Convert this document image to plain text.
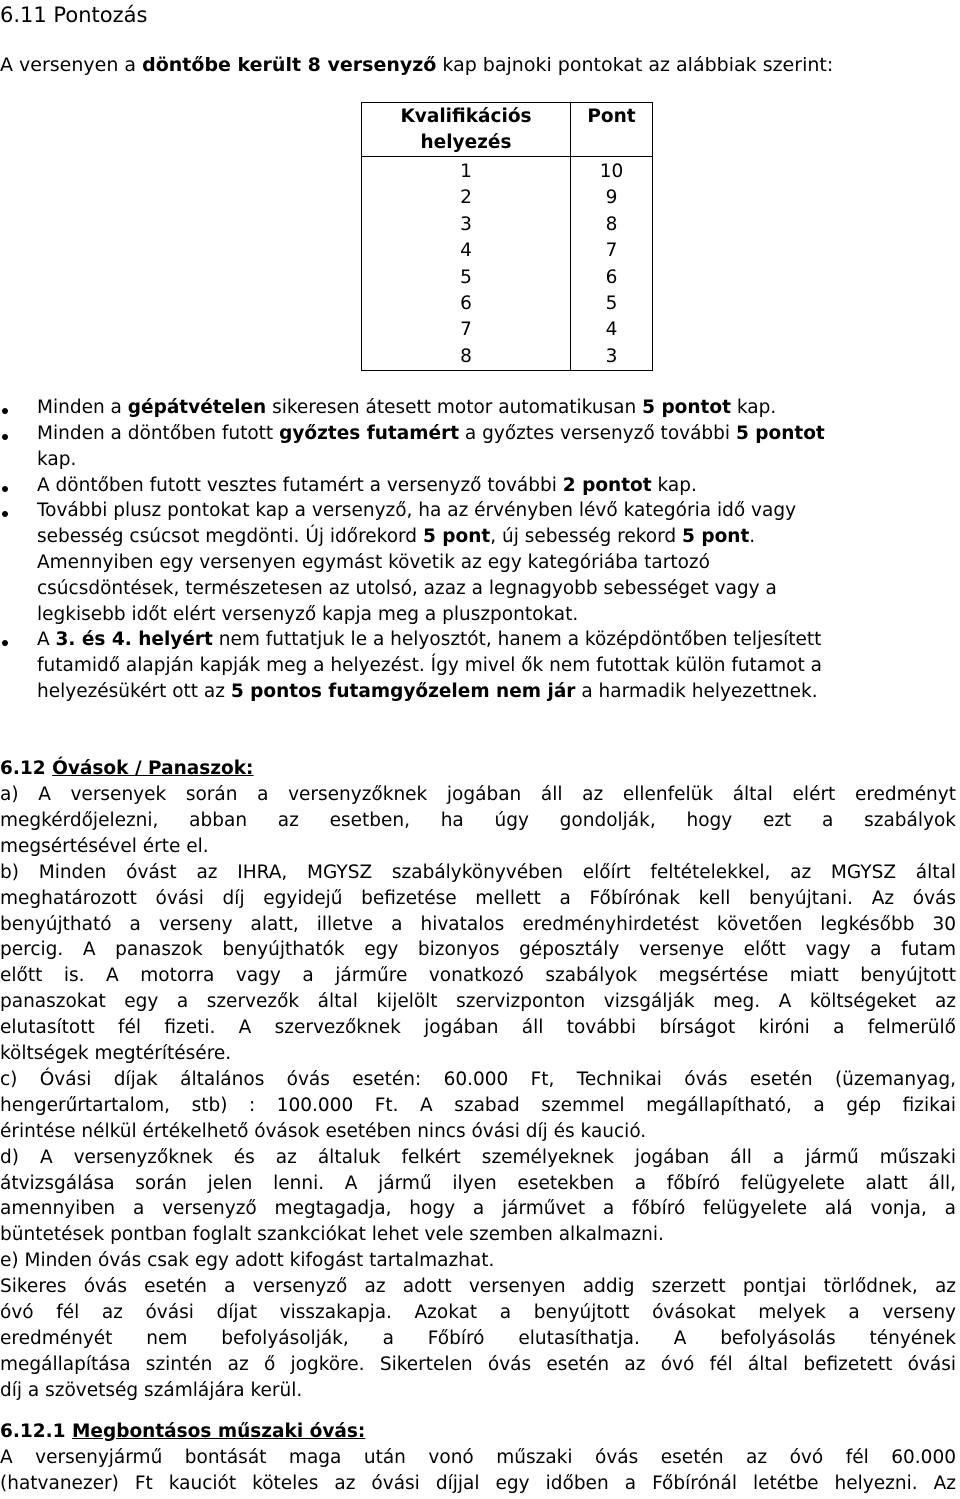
6.11 Pontozás
A versenyen a döntőbe került 8 versenyző kap bajnoki pontokat az alábbiak szerint:
Kvalifikációs helyezés	Pont
1	10
2	9
3	8
4	7
5	6
6	5
7	4
8	3
Minden a gépátvételen sikeresen átesett motor automatikusan 5 pontot kap.
Minden a döntőben futott győztes futamért a győztes versenyző további 5 pontot
kap.
A döntőben futott vesztes futamért a versenyző további 2 pontot kap.
További plusz pontokat kap a versenyző, ha az érvényben lévő kategória idő vagy
sebesség csúcsot megdönti. Új időrekord 5 pont, új sebesség rekord 5 pont.
Amennyiben egy versenyen egymást követik az egy kategóriába tartozó
csúcsdöntések, természetesen az utolsó, azaz a legnagyobb sebességet vagy a
legkisebb időt elért versenyző kapja meg a pluszpontokat.
A 3. és 4. helyért nem futtatjuk le a helyosztót, hanem a középdöntőben teljesített
futamidő alapján kapják meg a helyezést. Így mivel ők nem futottak külön futamot a
helyezésükért ott az 5 pontos futamgyőzelem nem jár a harmadik helyezettnek.
6.12 Óvások / Panaszok:
a) A versenyek során a versenyzőknek jogában áll az ellenfelük által elért eredményt
megkérdőjelezni, abban az esetben, ha úgy gondolják, hogy ezt a szabályok
megsértésével érte el.
b) Minden óvást az IHRA, MGYSZ szabálykönyvében előírt feltételekkel, az MGYSZ által
meghatározott óvási díj egyidejű befizetése mellett a Főbírónak kell benyújtani. Az óvás
benyújtható a verseny alatt, illetve a hivatalos eredményhirdetést követően legkésőbb 30
percig. A panaszok benyújthatók egy bizonyos géposztály versenye előtt vagy a futam
előtt is. A motorra vagy a járműre vonatkozó szabályok megsértése miatt benyújtott
panaszokat egy a szervezők által kijelölt szervizponton vizsgálják meg. A költségeket az
elutasított fél fizeti. A szervezőknek jogában áll további bírságot kiróni a felmerülő
költségek megtérítésére.
c) Óvási díjak általános óvás esetén: 60.000 Ft, Technikai óvás esetén (üzemanyag,
hengerűrtartalom, stb) : 100.000 Ft. A szabad szemmel megállapítható, a gép fizikai
érintése nélkül értékelhető óvások esetében nincs óvási díj és kaució.
d) A versenyzőknek és az általuk felkért személyeknek jogában áll a jármű műszaki
átvizsgálása során jelen lenni. A jármű ilyen esetekben a főbíró felügyelete alatt áll,
amennyiben a versenyző megtagadja, hogy a járművet a főbíró felügyelete alá vonja, a
büntetések pontban foglalt szankciókat lehet vele szemben alkalmazni.
e) Minden óvás csak egy adott kifogást tartalmazhat.
Sikeres óvás esetén a versenyző az adott versenyen addig szerzett pontjai törlődnek, az
óvó fél az óvási díjat visszakapja. Azokat a benyújtott óvásokat melyek a verseny
eredményét nem befolyásolják, a Főbíró elutasíthatja. A befolyásolás tényének
megállapítása szintén az ő jogköre. Sikertelen óvás esetén az óvó fél által befizetett óvási
díj a szövetség számlájára kerül.
6.12.1 Megbontásos műszaki óvás:
A versenyjármű bontását maga után vonó műszaki óvás esetén az óvó fél 60.000
(hatvanezer) Ft kauciót köteles az óvási díjjal egy időben a Főbírónál letétbe helyezni. Az
